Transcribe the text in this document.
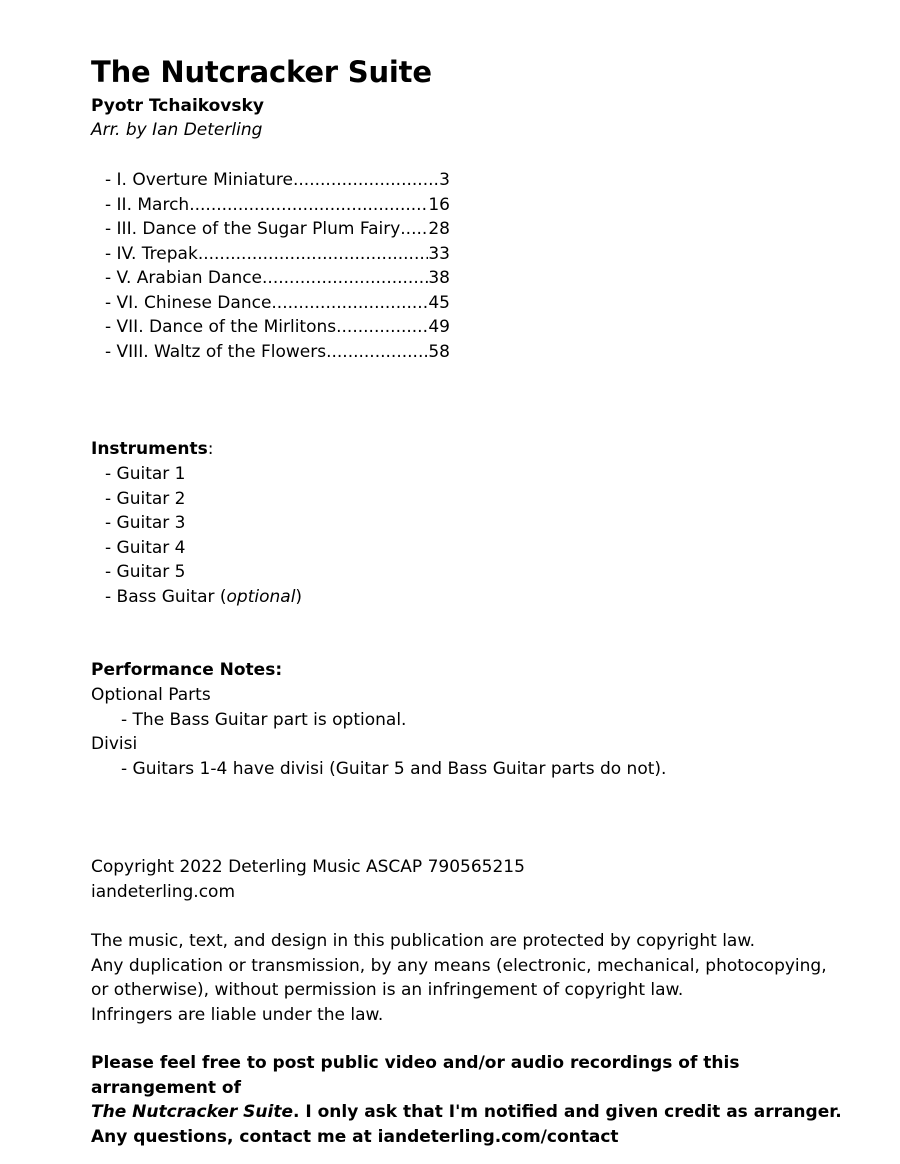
The Nutcracker Suite
Pyotr Tchaikovsky
Arr. by Ian Deterling
- I. Overture Miniature .....	3
- II. March .....	16
- III. Dance of the Sugar Plum Fairy ..... 28
- IV. Trepak .....	33
- V. Arabian Dance .....	38
- VI. Chinese Dance .....	45
- VII. Dance of the Mirlitons .....	49
- VIII. Waltz of the Flowers .....	58
Instruments:
- Guitar 1
- Guitar 2
- Guitar 3
- Guitar 4
- Guitar 5
- Bass Guitar (optional)
Performance Notes:
Optional Parts
- The Bass Guitar part is optional.
Divisi
- Guitars 1-4 have divisi (Guitar 5 and Bass Guitar parts do not).
Copyright 2022 Deterling Music ASCAP 790565215
iandeterling.com
The music, text, and design in this publication are protected by copyright law.
Any duplication or transmission, by any means (electronic, mechanical, photocopying, or otherwise), without permission is an infringement of copyright law.
Infringers are liable under the law.
Please feel free to post public video and/or audio recordings of this arrangement of
The Nutcracker Suite. I only ask that I'm notified and given credit as arranger.
Any questions, contact me at iandeterling.com/contact
